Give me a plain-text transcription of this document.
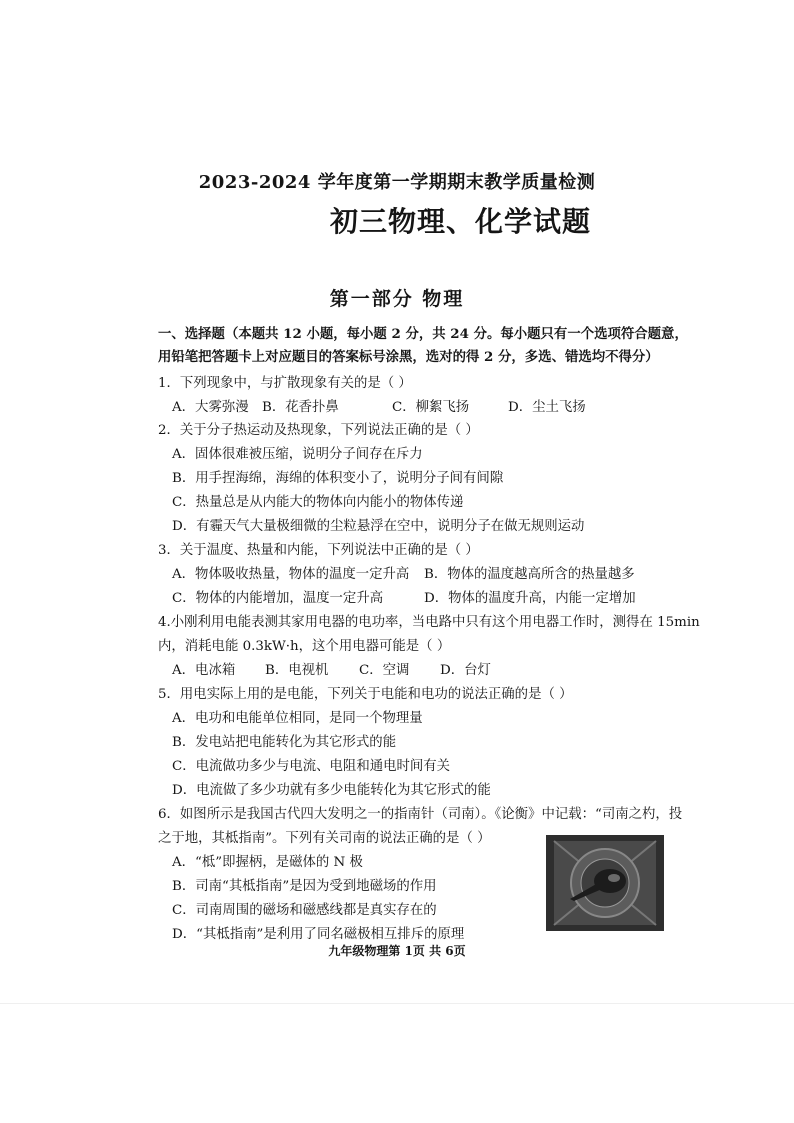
2023-2024 学年度第一学期期末教学质量检测
初三物理、化学试题
第一部分 物理
一、选择题（本题共 12 小题，每小题 2 分，共 24 分。每小题只有一个选项符合题意，
用铅笔把答题卡上对应题目的答案标号涂黑，选对的得 2 分，多选、错选均不得分）
1．下列现象中，与扩散现象有关的是（ ）
A．大雾弥漫 B．花香扑鼻	C．柳絮飞扬	D．尘土飞扬
2．关于分子热运动及热现象，下列说法正确的是（ ）
A．固体很难被压缩，说明分子间存在斥力
B．用手捏海绵，海绵的体积变小了，说明分子间有间隙
C．热量总是从内能大的物体向内能小的物体传递
D．有霾天气大量极细微的尘粒悬浮在空中，说明分子在做无规则运动
3．关于温度、热量和内能，下列说法中正确的是（ ）
A．物体吸收热量，物体的温度一定升高 B．物体的温度越高所含的热量越多
C．物体的内能增加，温度一定升高	D．物体的温度升高，内能一定增加
4.小刚利用电能表测其家用电器的电功率，当电路中只有这个用电器工作时，测得在 15min
内，消耗电能 0.3kW·h，这个用电器可能是（ ）
A．电冰箱 B．电视机 C．空调 D．台灯
5．用电实际上用的是电能，下列关于电能和电功的说法正确的是（ ）
A．电功和电能单位相同，是同一个物理量
B．发电站把电能转化为其它形式的能
C．电流做功多少与电流、电阻和通电时间有关
D．电流做了多少功就有多少电能转化为其它形式的能
6．如图所示是我国古代四大发明之一的指南针（司南）。《论衡》中记载：“司南之杓，投
之于地，其柢指南”。下列有关司南的说法正确的是（ ）
A．“柢”即握柄，是磁体的 N 极
B．司南“其柢指南”是因为受到地磁场的作用
C．司南周围的磁场和磁感线都是真实存在的
D．“其柢指南”是利用了同名磁极相互排斥的原理
九年级物理第 1页 共 6页
